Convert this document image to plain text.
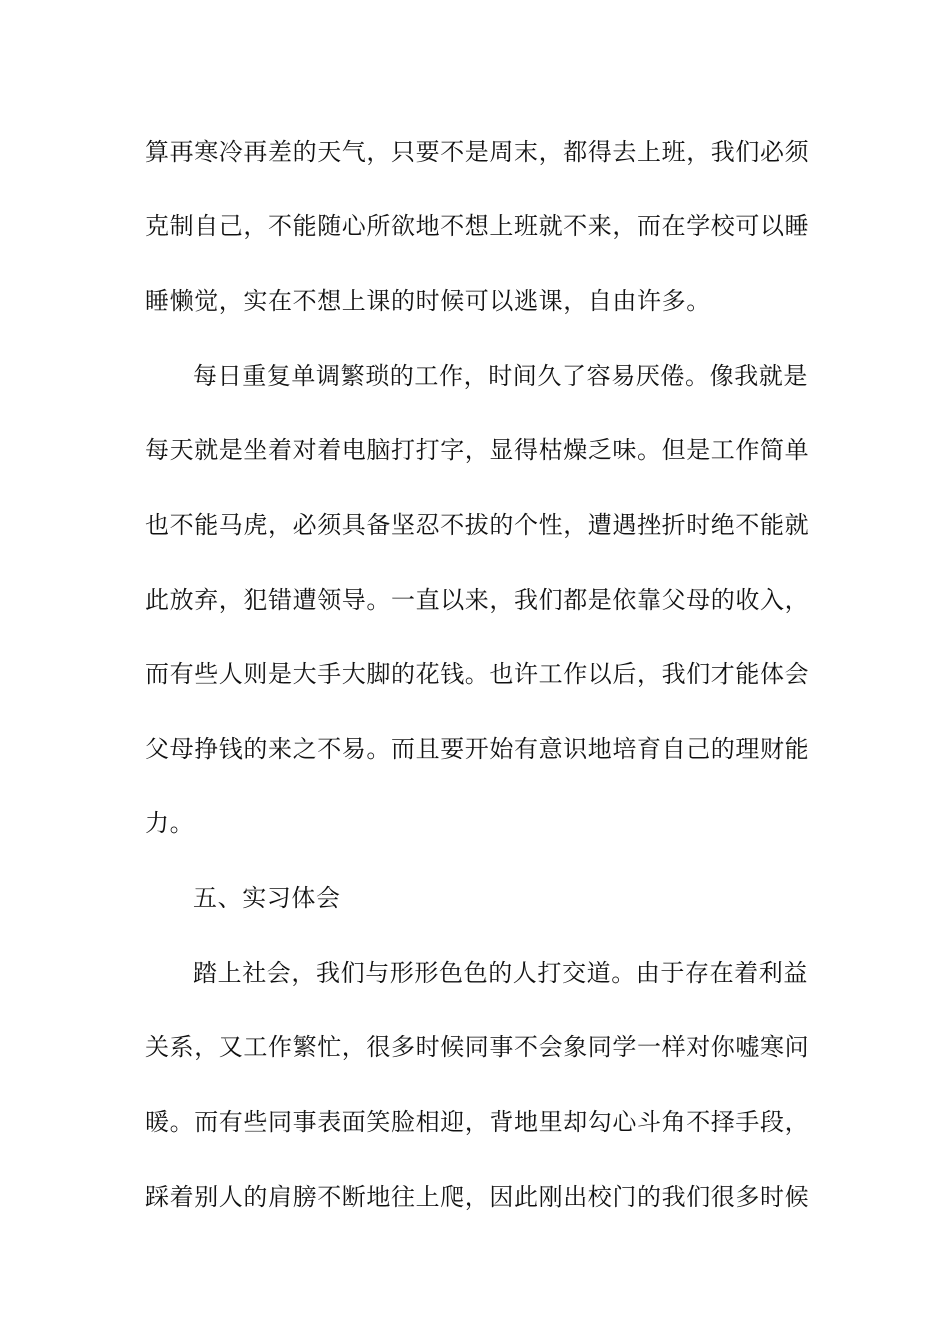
算再寒冷再差的天气，只要不是周末，都得去上班，我们必须
克制自己，不能随心所欲地不想上班就不来，而在学校可以睡
睡懒觉，实在不想上课的时候可以逃课，自由许多。
每日重复单调繁琐的工作，时间久了容易厌倦。像我就是
每天就是坐着对着电脑打打字，显得枯燥乏味。但是工作简单
也不能马虎，必须具备坚忍不拔的个性，遭遇挫折时绝不能就
此放弃，犯错遭领导。一直以来，我们都是依靠父母的收入，
而有些人则是大手大脚的花钱。也许工作以后，我们才能体会
父母挣钱的来之不易。而且要开始有意识地培育自己的理财能
力。
五、实习体会
踏上社会，我们与形形色色的人打交道。由于存在着利益
关系，又工作繁忙，很多时候同事不会象同学一样对你嘘寒问
暖。而有些同事表面笑脸相迎，背地里却勾心斗角不择手段，
踩着别人的肩膀不断地往上爬，因此刚出校门的我们很多时候
